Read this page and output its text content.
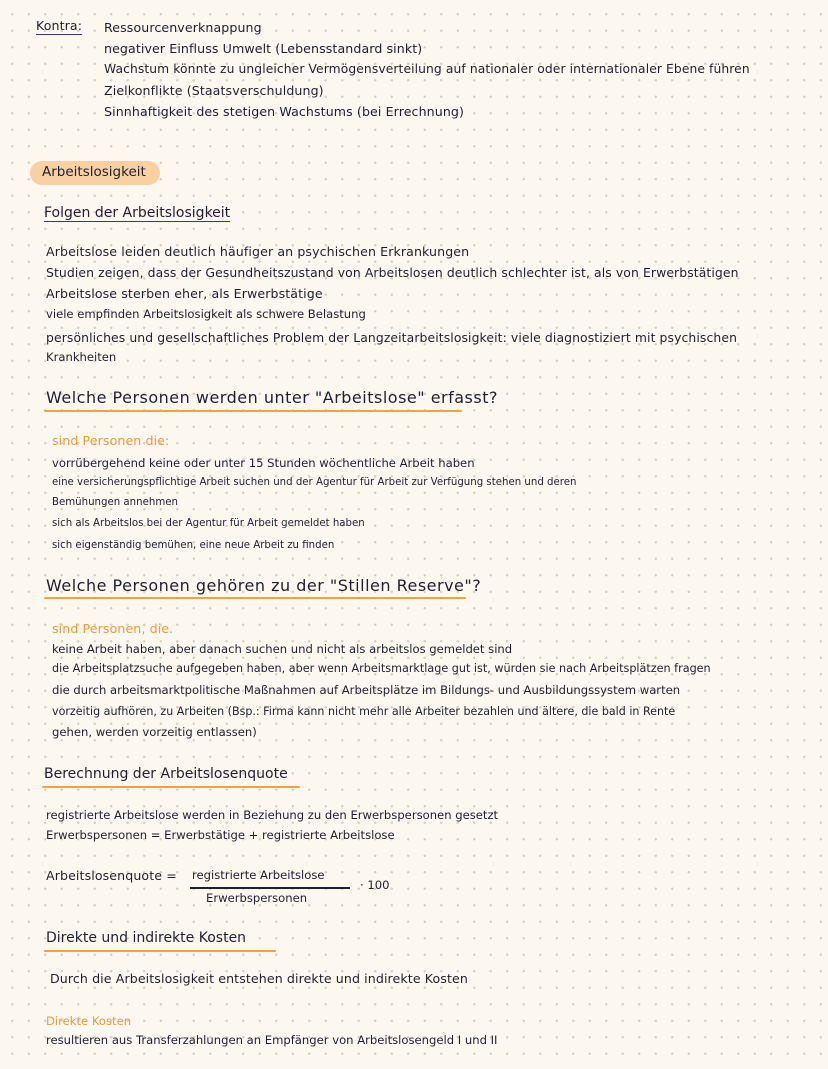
Kontra: Ressourcenverknappung
negativer Einfluss Umwelt (Lebensstandard sinkt)
Wachstum könnte zu ungleicher Vermögensverteilung auf nationaler oder internationaler Ebene führen
Zielkonflikte (Staatsverschuldung)
Sinnhaftigkeit des stetigen Wachstums (bei Errechnung)
Arbeitslosigkeit
Folgen der Arbeitslosigkeit
Arbeitslose leiden deutlich häufiger an psychischen Erkrankungen
Studien zeigen, dass der Gesundheitszustand von Arbeitslosen deutlich schlechter ist, als von Erwerbstätigen
Arbeitslose sterben eher, als Erwerbstätige
viele empfinden Arbeitslosigkeit als schwere Belastung
persönliches und gesellschaftliches Problem der Langzeitarbeitslosigkeit: viele diagnostiziert mit psychischen
Krankheiten
Welche Personen werden unter "Arbeitslose" erfasst?
sind Personen die:
vorrübergehend keine oder unter 15 Stunden wöchentliche Arbeit haben
eine versicherungspflichtige Arbeit suchen und der Agentur für Arbeit zur Verfügung stehen und deren
Bemühungen annehmen
sich als Arbeitslos bei der Agentur für Arbeit gemeldet haben
sich eigenständig bemühen, eine neue Arbeit zu finden
Welche Personen gehören zu der "Stillen Reserve"?
sind Personen, die.
keine Arbeit haben, aber danach suchen und nicht als arbeitslos gemeldet sind
die Arbeitsplatzsuche aufgegeben haben, aber wenn Arbeitsmarktlage gut ist, würden sie nach Arbeitsplätzen fragen
die durch arbeitsmarktpolitische Maßnahmen auf Arbeitsplätze im Bildungs- und Ausbildungssystem warten
vorzeitig aufhören, zu Arbeiten (Bsp.: Firma kann nicht mehr alle Arbeiter bezahlen und ältere, die bald in Rente
gehen, werden vorzeitig entlassen)
Berechnung der Arbeitslosenquote
registrierte Arbeitslose werden in Beziehung zu den Erwerbspersonen gesetzt
Erwerbspersonen = Erwerbstätige + registrierte Arbeitslose
Arbeitslosenquote = registrierte Arbeitslose
Erwerbspersonen
· 100
Direkte und indirekte Kosten
Durch die Arbeitslosigkeit entstehen direkte und indirekte Kosten
Direkte Kosten
resultieren aus Transferzahlungen an Empfänger von Arbeitslosengeld I und II
